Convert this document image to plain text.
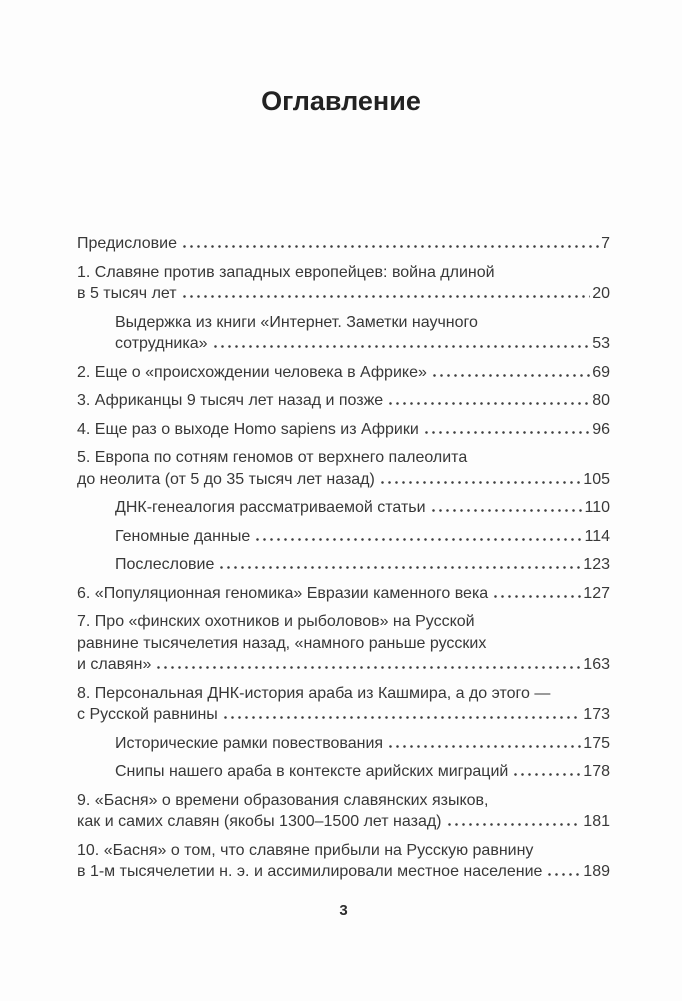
Оглавление
Предисловие	7
1. Славяне против западных европейцев: война длиной
в 5 тысяч лет	20
Выдержка из книги «Интернет. Заметки научного
сотрудника»	53
2. Еще о «происхождении человека в Африке»	69
3. Африканцы 9 тысяч лет назад и позже	80
4. Еще раз о выходе Homo sapiens из Африки	96
5. Европа по сотням геномов от верхнего палеолита
до неолита (от 5 до 35 тысяч лет назад)	105
ДНК-генеалогия рассматриваемой статьи	110
Геномные данные	114
Послесловие	123
6. «Популяционная геномика» Евразии каменного века	127
7. Про «финских охотников и рыболовов» на Русской
равнине тысячелетия назад, «намного раньше русских
и славян»	163
8. Персональная ДНК-история араба из Кашмира, а до этого —
с Русской равнины	173
Исторические рамки повествования	175
Снипы нашего араба в контексте арийских миграций	178
9. «Басня» о времени образования славянских языков,
как и самих славян (якобы 1300–1500 лет назад)	181
10. «Басня» о том, что славяне прибыли на Русскую равнину
в 1-м тысячелетии н. э. и ассимилировали местное население	189
3
